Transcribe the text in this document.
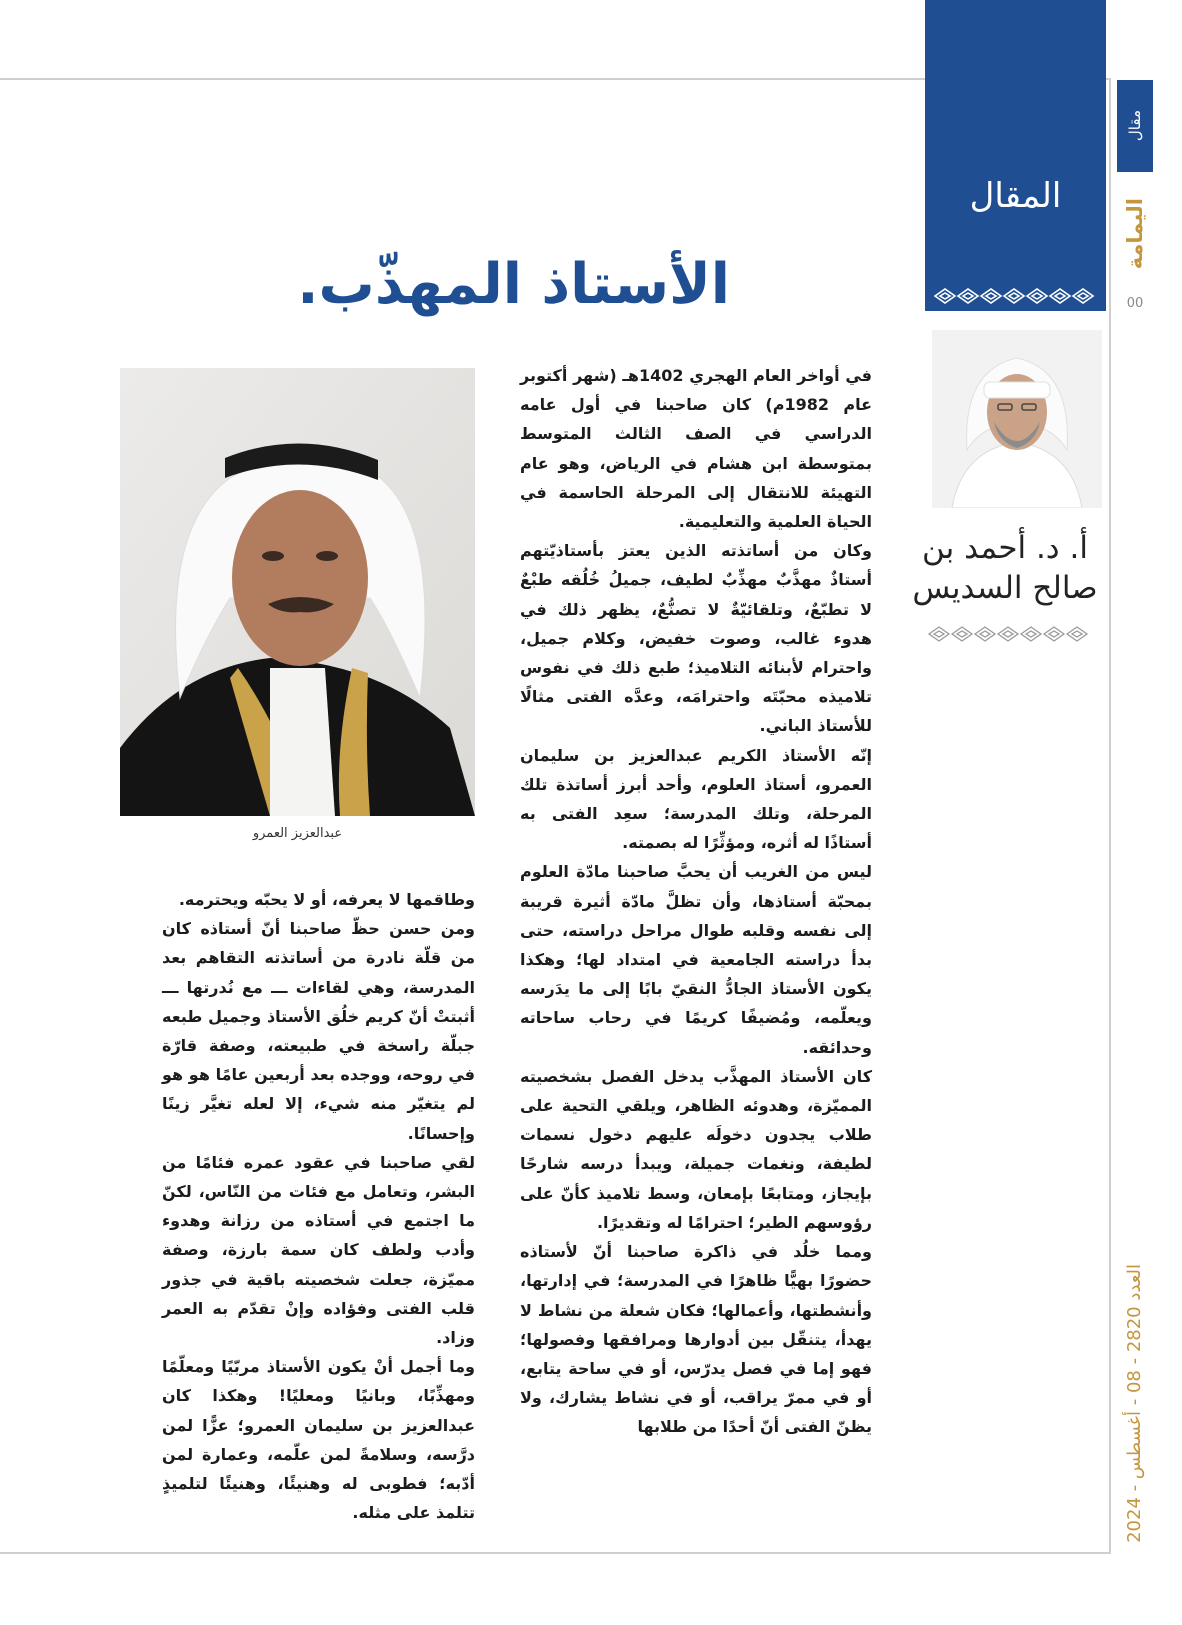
مقال
اليمامة
00
العدد 2820 - 08 - أغسطس - 2024
المقال
أ. د. أحمد بن
صالح السديس
الأستاذ المهذّب.
عبدالعزيز العمرو

في أواخر العام الهجري 1402هـ (شهر أكتوبر عام 1982م) كان صاحبنا في أول عامه الدراسي في الصف الثالث المتوسط بمتوسطة ابن هشام في الرياض، وهو عام التهيئة للانتقال إلى المرحلة الحاسمة في الحياة العلمية والتعليمية.

وكان من أساتذته الذين يعتز بأستاذيّتهم أستاذٌ مهذَّبٌ مهذِّبٌ لطيف، جميلُ خُلُقه طبْعٌ لا تطبّعٌ، وتلقائيّةٌ لا تصنُّعٌ، يظهر ذلك في هدوء غالب، وصوت خفيض، وكلام جميل، واحترام لأبنائه التلاميذ؛ طبع ذلك في نفوس تلاميذه محبّتَه واحترامَه، وعدَّه الفتى مثالًا للأستاذ الباني.

إنّه الأستاذ الكريم عبدالعزيز بن سليمان العمرو، أستاذ العلوم، وأحد أبرز أساتذة تلك المرحلة، وتلك المدرسة؛ سعِد الفتى به أستاذًا له أثره، ومؤثِّرًا له بصمته.

ليس من الغريب أن يحبَّ صاحبنا مادّة العلوم بمحبّة أستاذها، وأن تظلَّ مادّة أثيرة قريبة إلى نفسه وقلبه طوال مراحل دراسته، حتى بدأ دراسته الجامعية في امتداد لها؛ وهكذا يكون الأستاذ الجادُّ النقيّ بابًا إلى ما يدَرسه ويعلّمه، ومُضيفًا كريمًا في رحاب ساحاته وحدائقه.

كان الأستاذ المهذَّب يدخل الفصل بشخصيته المميّزة، وهدوئه الظاهر، ويلقي التحية على طلاب يجدون دخولَه عليهم دخول نسمات لطيفة، ونغمات جميلة، ويبدأ درسه شارحًا بإيجاز، ومتابعًا بإمعان، وسط تلاميذ كأنّ على رؤوسهم الطير؛ احترامًا له وتقديرًا.

ومما خلُد في ذاكرة صاحبنا أنّ لأستاذه حضورًا بهيًّا ظاهرًا في المدرسة؛ في إدارتها، وأنشطتها، وأعمالها؛ فكان شعلة من نشاط لا يهدأ، يتنقّل بين أدوارها ومرافقها وفصولها؛ فهو إما في فصل يدرّس، أو في ساحة يتابع، أو في ممرّ يراقب، أو في نشاط يشارك، ولا يظنّ الفتى أنّ أحدًا من طلابها

وطاقمها لا يعرفه، أو لا يحبّه ويحترمه.

ومن حسن حظّ صاحبنا أنّ أستاذه كان من قلّة نادرة من أساتذته التقاهم بعد المدرسة، وهي لقاءات ـــ مع نُدرتها ـــ أثبتتْ أنّ كريم خلُق الأستاذ وجميل طبعه جبلّة راسخة في طبيعته، وصفة قارّة في روحه، ووجده بعد أربعين عامًا هو هو لم يتغيّر منه شيء، إلا لعله تغيَّر زينًا وإحسانًا.

لقي صاحبنا في عقود عمره فئامًا من البشر، وتعامل مع فئات من النّاس، لكنّ ما اجتمع في أستاذه من رزانة وهدوء وأدب ولطف كان سمة بارزة، وصفة مميّزة، جعلت شخصيته باقية في جذور قلب الفتى وفؤاده وإنْ تقدّم به العمر وزاد.

وما أجمل أنْ يكون الأستاذ مربّيًا ومعلّمًا ومهذِّبًا، وبانيًا ومعليًا! وهكذا كان عبدالعزيز بن سليمان العمرو؛ عزًّا لمن درَّسه، وسلامةً لمن علّمه، وعمارة لمن أدّبه؛ فطوبى له وهنيئًا، وهنيئًا لتلميذٍ تتلمذ على مثله.
